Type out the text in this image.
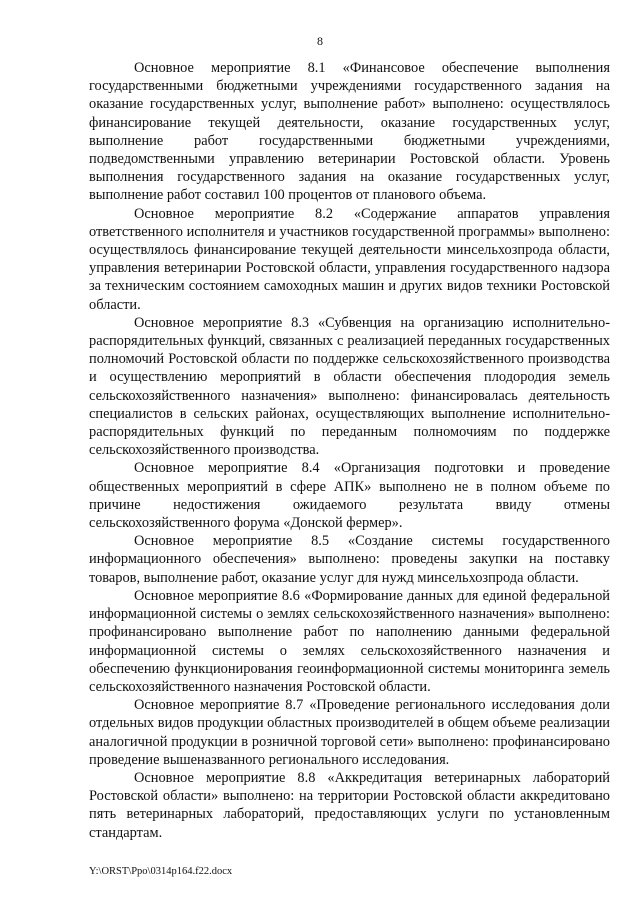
8

Основное мероприятие 8.1 «Финансовое обеспечение выполнения государственными бюджетными учреждениями государственного задания на оказание государственных услуг, выполнение работ» выполнено: осуществлялось финансирование текущей деятельности, оказание государственных услуг, выполнение работ государственными бюджетными учреждениями, подведомственными управлению ветеринарии Ростовской области. Уровень выполнения государственного задания на оказание государственных услуг, выполнение работ составил 100 процентов от планового объема.

Основное мероприятие 8.2 «Содержание аппаратов управления ответственного исполнителя и участников государственной программы» выполнено: осуществлялось финансирование текущей деятельности минсельхозпрода области, управления ветеринарии Ростовской области, управления государственного надзора за техническим состоянием самоходных машин и других видов техники Ростовской области.

Основное мероприятие 8.3 «Субвенция на организацию исполнительно-распорядительных функций, связанных с реализацией переданных государственных полномочий Ростовской области по поддержке сельскохозяйственного производства и осуществлению мероприятий в области обеспечения плодородия земель сельскохозяйственного назначения» выполнено: финансировалась деятельность специалистов в сельских районах, осуществляющих выполнение исполнительно-распорядительных функций по переданным полномочиям по поддержке сельскохозяйственного производства.

Основное мероприятие 8.4 «Организация подготовки и проведение общественных мероприятий в сфере АПК» выполнено не в полном объеме по причине недостижения ожидаемого результата ввиду отмены сельскохозяйственного форума «Донской фермер».

Основное мероприятие 8.5 «Создание системы государственного информационного обеспечения» выполнено: проведены закупки на поставку товаров, выполнение работ, оказание услуг для нужд минсельхозпрода области.

Основное мероприятие 8.6 «Формирование данных для единой федеральной информационной системы о землях сельскохозяйственного назначения» выполнено: профинансировано выполнение работ по наполнению данными федеральной информационной системы о землях сельскохозяйственного назначения и обеспечению функционирования геоинформационной системы мониторинга земель сельскохозяйственного назначения Ростовской области.

Основное мероприятие 8.7 «Проведение регионального исследования доли отдельных видов продукции областных производителей в общем объеме реализации аналогичной продукции в розничной торговой сети» выполнено: профинансировано проведение вышеназванного регионального исследования.

Основное мероприятие 8.8 «Аккредитация ветеринарных лабораторий Ростовской области» выполнено: на территории Ростовской области аккредитовано пять ветеринарных лабораторий, предоставляющих услуги по установленным стандартам.

Y:\ORST\Ppo\0314p164.f22.docx
